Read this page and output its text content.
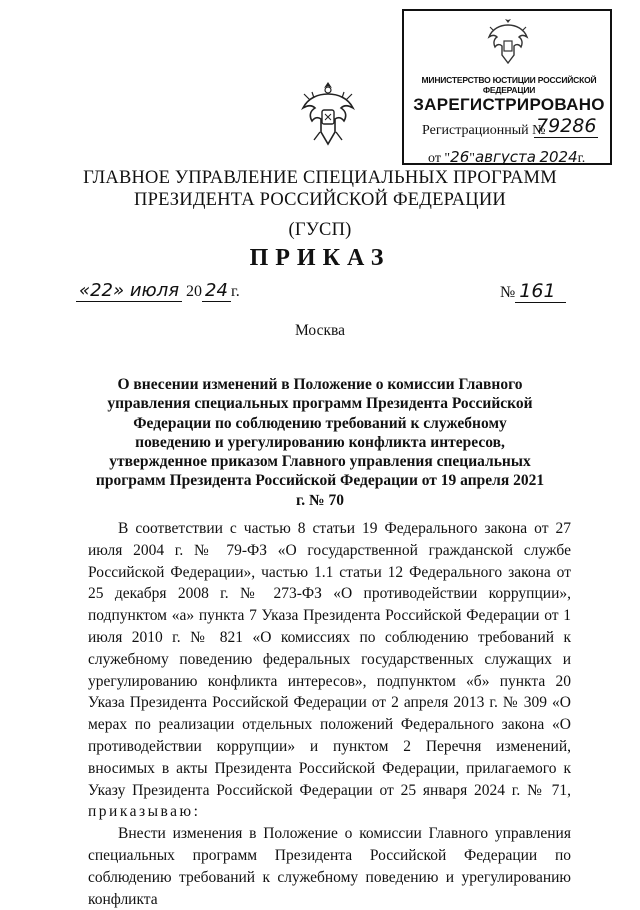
МИНИСТЕРСТВО ЮСТИЦИИ РОССИЙСКОЙ ФЕДЕРАЦИИ
ЗАРЕГИСТРИРОВАНО
Регистрационный №
79286
от "26"августа 2024г.
ГЛАВНОЕ УПРАВЛЕНИЕ СПЕЦИАЛЬНЫХ ПРОГРАММ
ПРЕЗИДЕНТА РОССИЙСКОЙ ФЕДЕРАЦИИ
(ГУСП)
ПРИКАЗ
«22» июля 20 24 г.	№ 161
Москва
О внесении изменений в Положение о комиссии Главного управления специальных программ Президента Российской Федерации по соблюдению требований к служебному поведению и урегулированию конфликта интересов, утвержденное приказом Главного управления специальных программ Президента Российской Федерации от 19 апреля 2021 г. № 70

В соответствии с частью 8 статьи 19 Федерального закона от 27 июля 2004 г. № 79-ФЗ «О государственной гражданской службе Российской Федерации», частью 1.1 статьи 12 Федерального закона от 25 декабря 2008 г. № 273-ФЗ «О противодействии коррупции», подпунктом «а» пункта 7 Указа Президента Российской Федерации от 1 июля 2010 г. № 821 «О комиссиях по соблюдению требований к служебному поведению федеральных государственных служащих и урегулированию конфликта интересов», подпунктом «б» пункта 20 Указа Президента Российской Федерации от 2 апреля 2013 г. № 309 «О мерах по реализации отдельных положений Федерального закона «О противодействии коррупции» и пунктом 2 Перечня изменений, вносимых в акты Президента Российской Федерации, прилагаемого к Указу Президента Российской Федерации от 25 января 2024 г. № 71, приказываю:

Внести изменения в Положение о комиссии Главного управления специальных программ Президента Российской Федерации по соблюдению требований к служебному поведению и урегулированию конфликта
